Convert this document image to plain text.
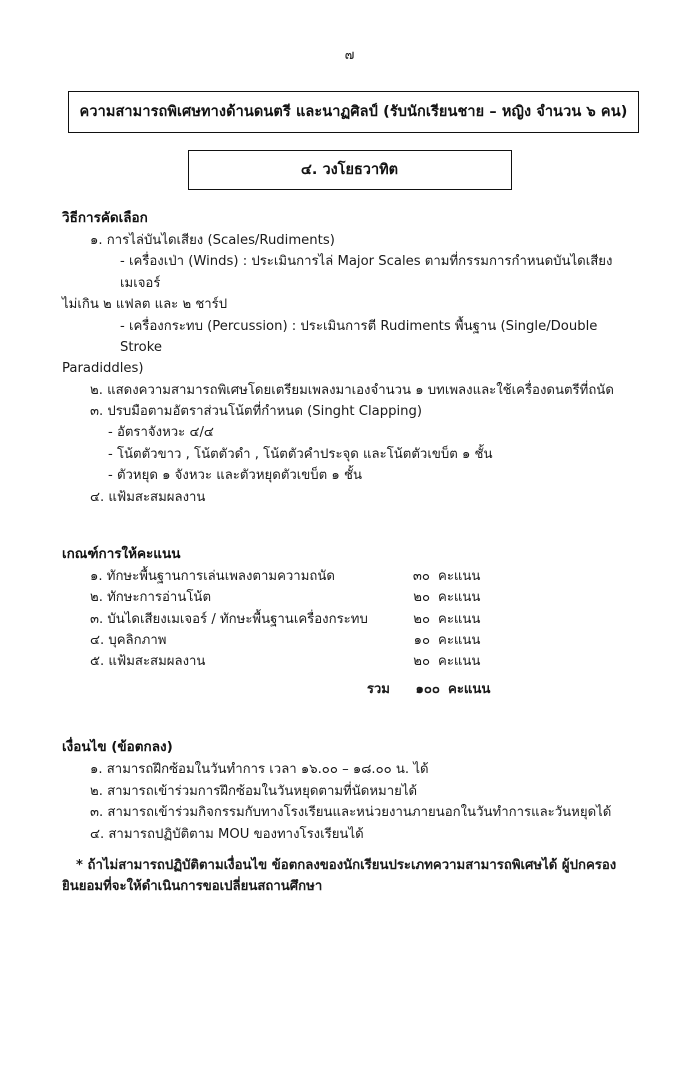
๗
ความสามารถพิเศษทางด้านดนตรี และนาฏศิลป์ (รับนักเรียนชาย – หญิง จำนวน ๖ คน)
๔. วงโยธวาทิต
วิธีการคัดเลือก
๑. การไล่บันไดเสียง (Scales/Rudiments)
- เครื่องเป่า (Winds) : ประเมินการไล่ Major Scales ตามที่กรรมการกำหนดบันไดเสียงเมเจอร์
ไม่เกิน ๒ แฟลต และ ๒ ชาร์ป
- เครื่องกระทบ (Percussion) : ประเมินการตี Rudiments พื้นฐาน (Single/Double Stroke
Paradiddles)
๒. แสดงความสามารถพิเศษโดยเตรียมเพลงมาเองจำนวน ๑ บทเพลงและใช้เครื่องดนตรีที่ถนัด
๓. ปรบมือตามอัตราส่วนโน้ตที่กำหนด (Singht Clapping)
- อัตราจังหวะ ๔/๔
- โน้ตตัวขาว , โน้ตตัวดำ , โน้ตตัวคำประจุด และโน้ตตัวเขบ็ต ๑ ชั้น
- ตัวหยุด ๑ จังหวะ และตัวหยุดตัวเขบ็ต ๑ ชั้น
๔. แฟ้มสะสมผลงาน
เกณฑ์การให้คะแนน
๑. ทักษะพื้นฐานการเล่นเพลงตามความถนัด	๓๐ คะแนน
๒. ทักษะการอ่านโน้ต	๒๐ คะแนน
๓. บันไดเสียงเมเจอร์ / ทักษะพื้นฐานเครื่องกระทบ	๒๐ คะแนน
๔. บุคลิกภาพ	๑๐ คะแนน
๕. แฟ้มสะสมผลงาน	๒๐ คะแนน
รวม	๑๐๐ คะแนน
เงื่อนไข (ข้อตกลง)
๑. สามารถฝึกซ้อมในวันทำการ เวลา ๑๖.๐๐ – ๑๘.๐๐ น. ได้
๒. สามารถเข้าร่วมการฝึกซ้อมในวันหยุดตามที่นัดหมายได้
๓. สามารถเข้าร่วมกิจกรรมกับทางโรงเรียนและหน่วยงานภายนอกในวันทำการและวันหยุดได้
๔. สามารถปฏิบัติตาม MOU ของทางโรงเรียนได้
* ถ้าไม่สามารถปฏิบัติตามเงื่อนไข ข้อตกลงของนักเรียนประเภทความสามารถพิเศษได้ ผู้ปกครอง
ยินยอมที่จะให้ดำเนินการขอเปลี่ยนสถานศึกษา
